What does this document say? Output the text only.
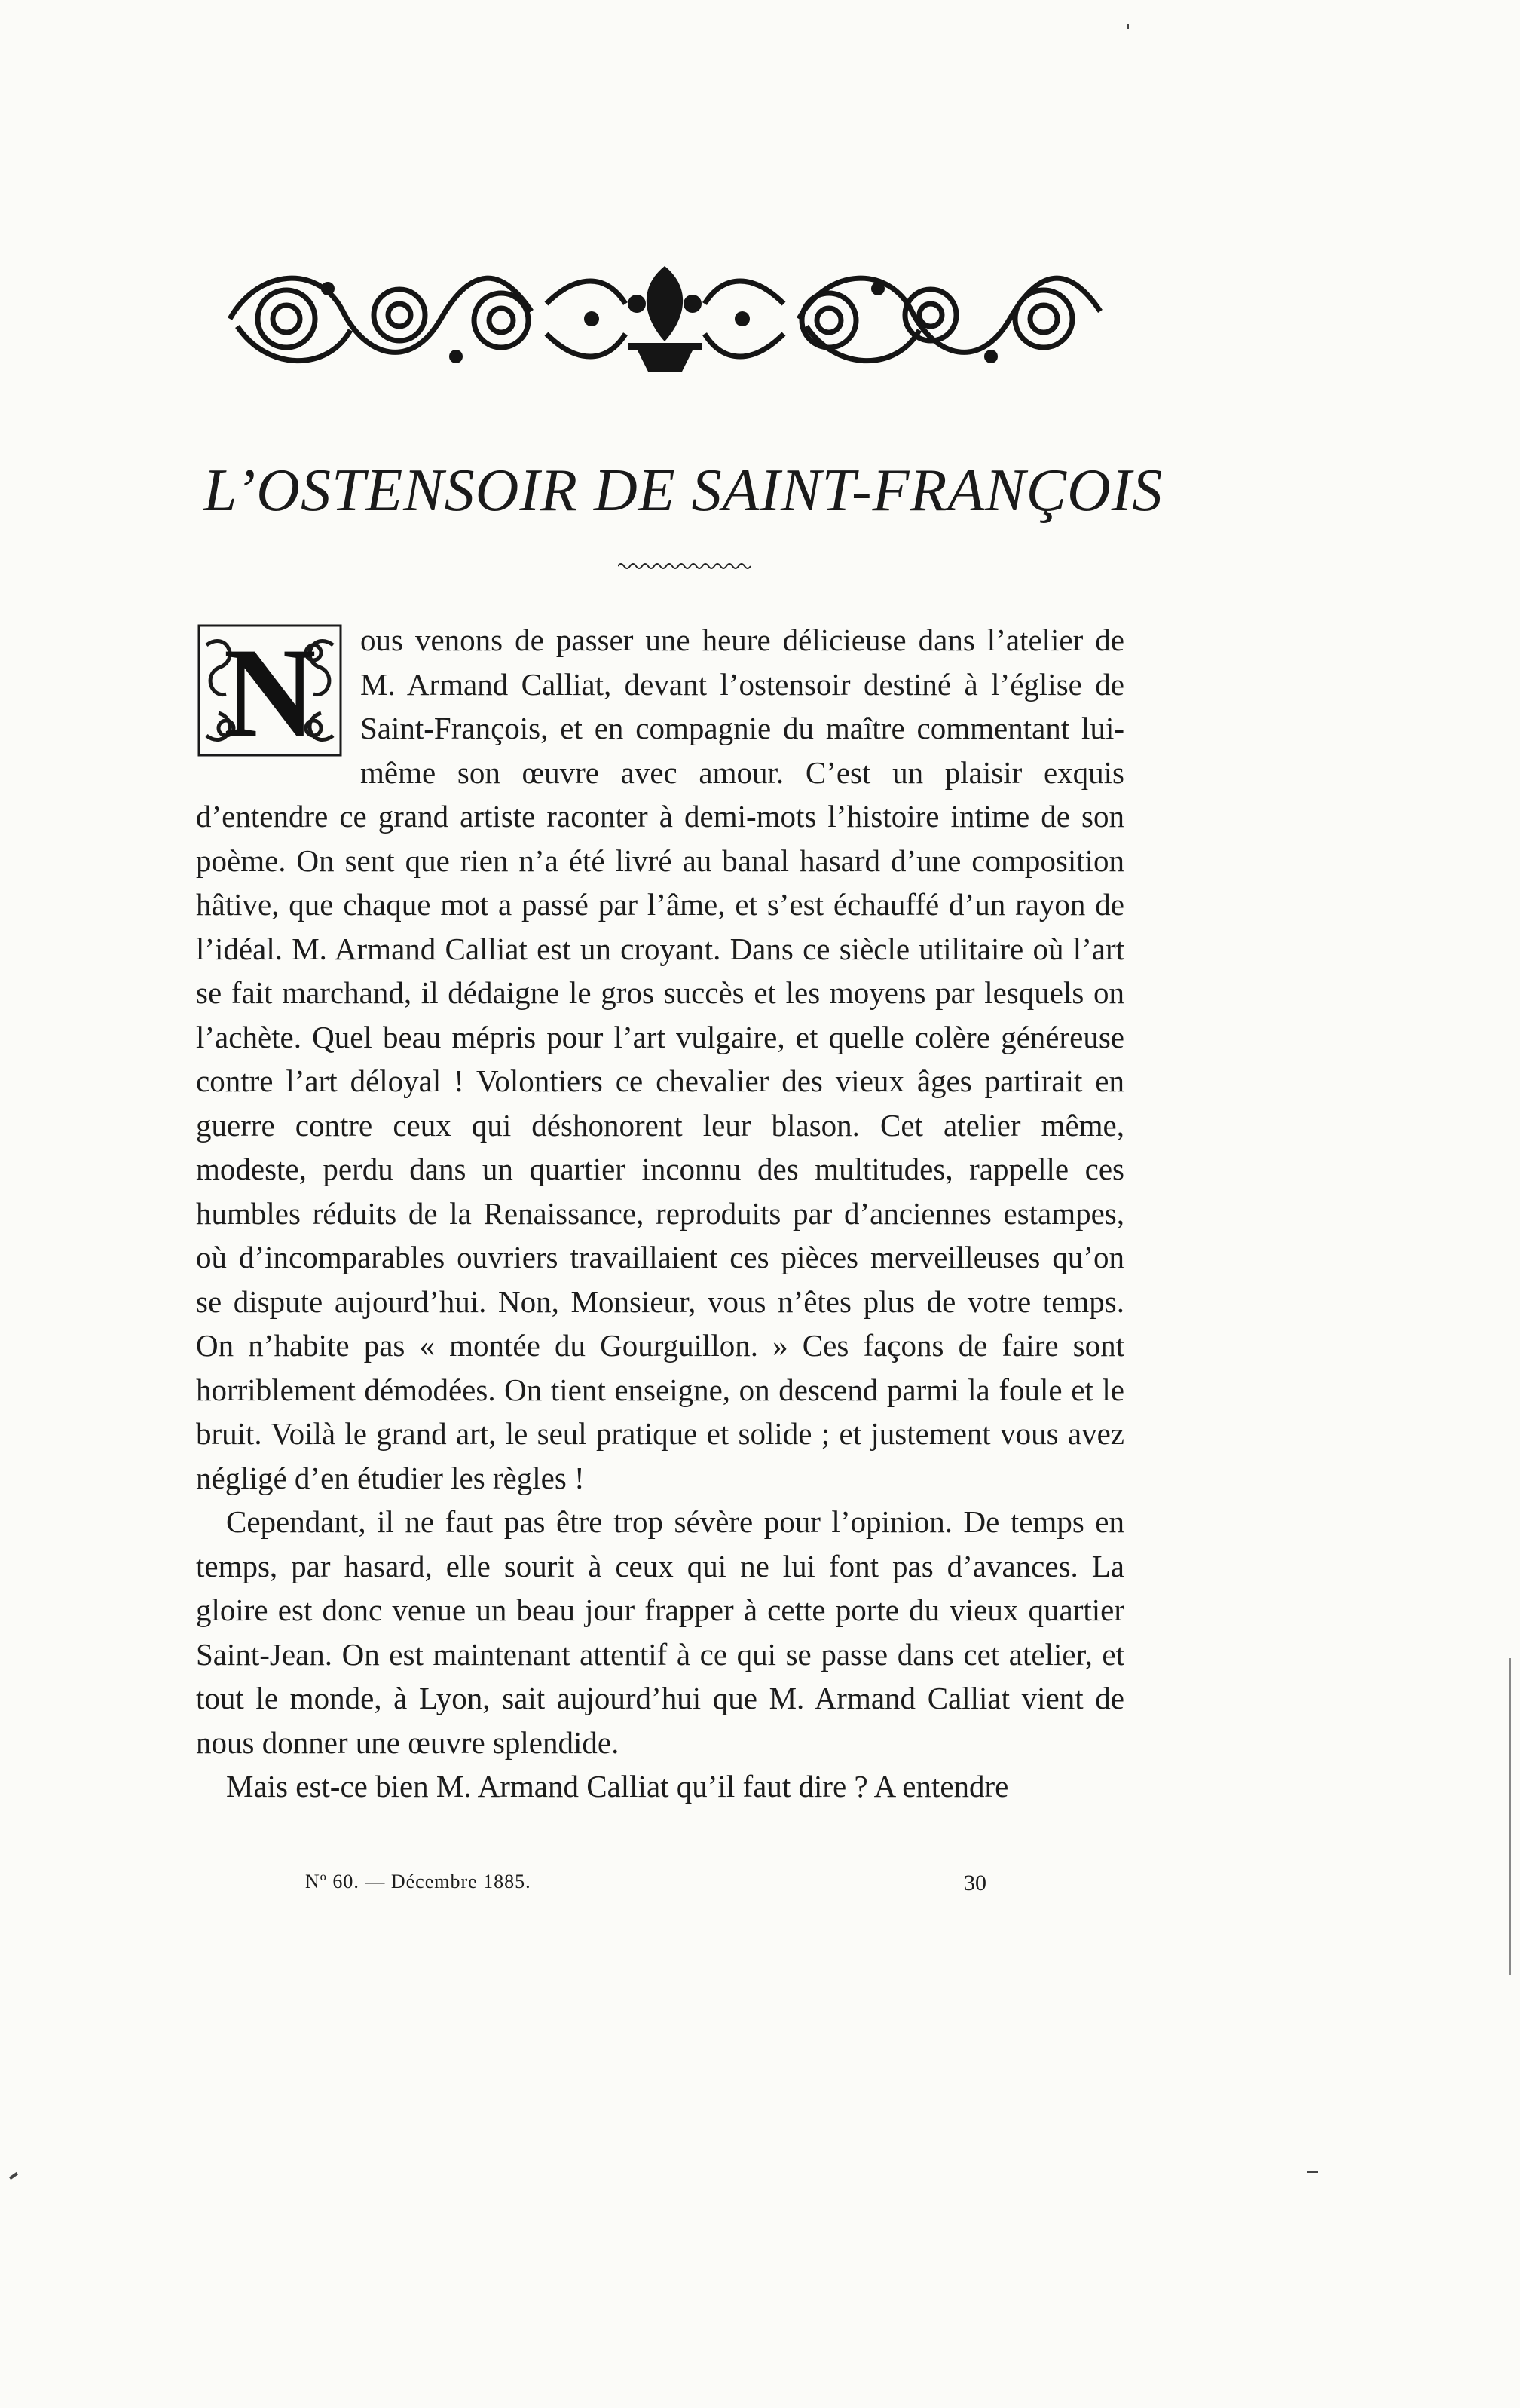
L’OSTENSOIR DE SAINT-FRANÇOIS

N ous venons de passer une heure délicieuse dans l’atelier de M. Armand Calliat, devant l’ostensoir destiné à l’église de Saint-François, et en compagnie du maître commentant lui-même son œuvre avec amour. C’est un plaisir exquis d’entendre ce grand artiste raconter à demi-mots l’histoire intime de son poème. On sent que rien n’a été livré au banal hasard d’une composition hâtive, que chaque mot a passé par l’âme, et s’est échauffé d’un rayon de l’idéal. M. Armand Calliat est un croyant. Dans ce siècle utilitaire où l’art se fait marchand, il dédaigne le gros succès et les moyens par lesquels on l’achète. Quel beau mépris pour l’art vulgaire, et quelle colère généreuse contre l’art déloyal ! Volontiers ce chevalier des vieux âges partirait en guerre contre ceux qui déshonorent leur blason. Cet atelier même, modeste, perdu dans un quartier inconnu des multitudes, rappelle ces humbles réduits de la Renaissance, reproduits par d’anciennes estampes, où d’incomparables ouvriers travaillaient ces pièces merveilleuses qu’on se dispute aujourd’hui. Non, Monsieur, vous n’êtes plus de votre temps. On n’habite pas « montée du Gourguillon. » Ces façons de faire sont horriblement démodées. On tient enseigne, on descend parmi la foule et le bruit. Voilà le grand art, le seul pratique et solide ; et justement vous avez négligé d’en étudier les règles !

Cependant, il ne faut pas être trop sévère pour l’opinion. De temps en temps, par hasard, elle sourit à ceux qui ne lui font pas d’avances. La gloire est donc venue un beau jour frapper à cette porte du vieux quartier Saint-Jean. On est maintenant attentif à ce qui se passe dans cet atelier, et tout le monde, à Lyon, sait aujourd’hui que M. Armand Calliat vient de nous donner une œuvre splendide.

Mais est-ce bien M. Armand Calliat qu’il faut dire ? A entendre

Nº 60. — Décembre 1885.	30
